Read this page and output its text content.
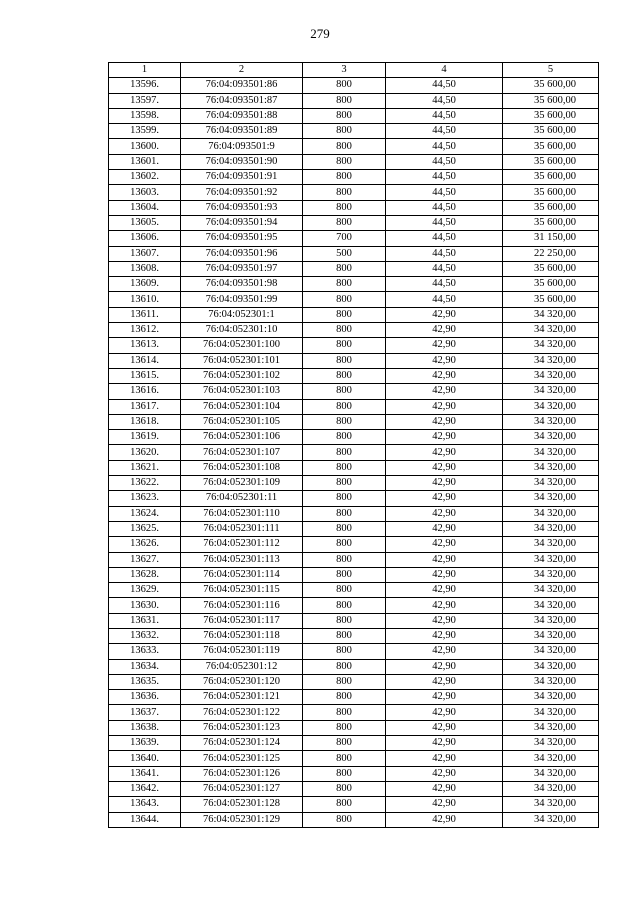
279
1	2	3	4	5
13596.	76:04:093501:86	800	44,50	35 600,00
13597.	76:04:093501:87	800	44,50	35 600,00
13598.	76:04:093501:88	800	44,50	35 600,00
13599.	76:04:093501:89	800	44,50	35 600,00
13600.	76:04:093501:9	800	44,50	35 600,00
13601.	76:04:093501:90	800	44,50	35 600,00
13602.	76:04:093501:91	800	44,50	35 600,00
13603.	76:04:093501:92	800	44,50	35 600,00
13604.	76:04:093501:93	800	44,50	35 600,00
13605.	76:04:093501:94	800	44,50	35 600,00
13606.	76:04:093501:95	700	44,50	31 150,00
13607.	76:04:093501:96	500	44,50	22 250,00
13608.	76:04:093501:97	800	44,50	35 600,00
13609.	76:04:093501:98	800	44,50	35 600,00
13610.	76:04:093501:99	800	44,50	35 600,00
13611.	76:04:052301:1	800	42,90	34 320,00
13612.	76:04:052301:10	800	42,90	34 320,00
13613.	76:04:052301:100	800	42,90	34 320,00
13614.	76:04:052301:101	800	42,90	34 320,00
13615.	76:04:052301:102	800	42,90	34 320,00
13616.	76:04:052301:103	800	42,90	34 320,00
13617.	76:04:052301:104	800	42,90	34 320,00
13618.	76:04:052301:105	800	42,90	34 320,00
13619.	76:04:052301:106	800	42,90	34 320,00
13620.	76:04:052301:107	800	42,90	34 320,00
13621.	76:04:052301:108	800	42,90	34 320,00
13622.	76:04:052301:109	800	42,90	34 320,00
13623.	76:04:052301:11	800	42,90	34 320,00
13624.	76:04:052301:110	800	42,90	34 320,00
13625.	76:04:052301:111	800	42,90	34 320,00
13626.	76:04:052301:112	800	42,90	34 320,00
13627.	76:04:052301:113	800	42,90	34 320,00
13628.	76:04:052301:114	800	42,90	34 320,00
13629.	76:04:052301:115	800	42,90	34 320,00
13630.	76:04:052301:116	800	42,90	34 320,00
13631.	76:04:052301:117	800	42,90	34 320,00
13632.	76:04:052301:118	800	42,90	34 320,00
13633.	76:04:052301:119	800	42,90	34 320,00
13634.	76:04:052301:12	800	42,90	34 320,00
13635.	76:04:052301:120	800	42,90	34 320,00
13636.	76:04:052301:121	800	42,90	34 320,00
13637.	76:04:052301:122	800	42,90	34 320,00
13638.	76:04:052301:123	800	42,90	34 320,00
13639.	76:04:052301:124	800	42,90	34 320,00
13640.	76:04:052301:125	800	42,90	34 320,00
13641.	76:04:052301:126	800	42,90	34 320,00
13642.	76:04:052301:127	800	42,90	34 320,00
13643.	76:04:052301:128	800	42,90	34 320,00
13644.	76:04:052301:129	800	42,90	34 320,00
